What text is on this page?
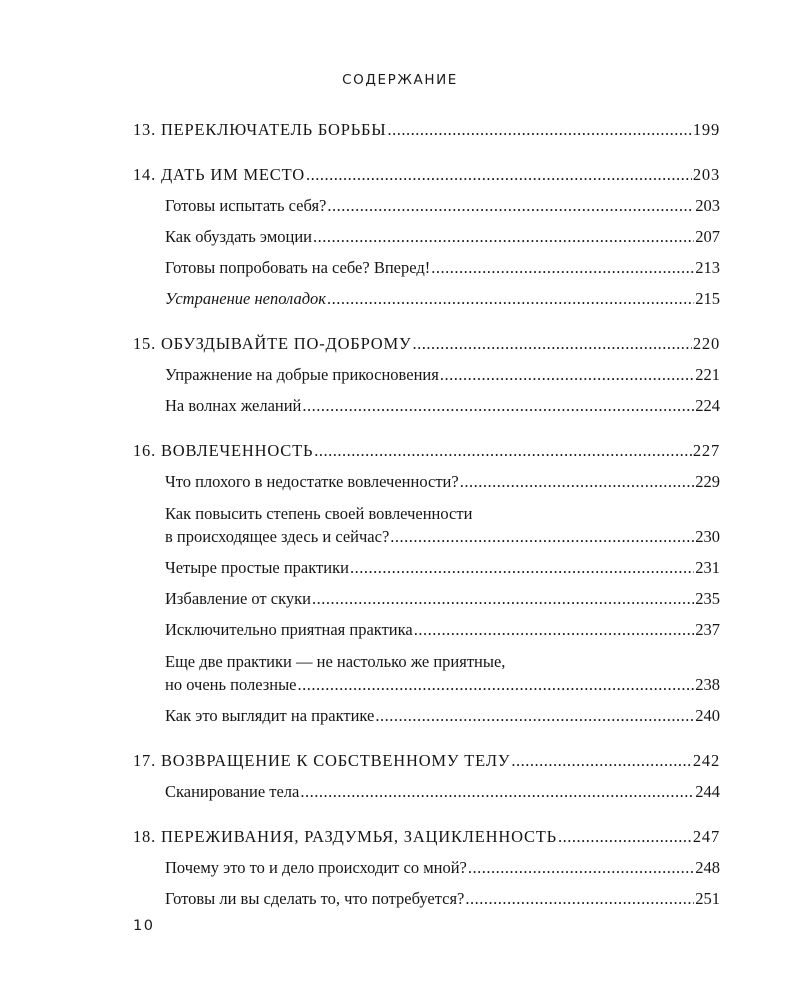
СОДЕРЖАНИЕ
13. ПЕРЕКЛЮЧАТЕЛЬ БОРЬБЫ .....	199
14. ДАТЬ ИМ МЕСТО .....	203
Готовы испытать себя? .....	203
Как обуздать эмоции .....	207
Готовы попробовать на себе? Вперед! .....	213
Устранение неполадок .....	215
15. ОБУЗДЫВАЙТЕ ПО-ДОБРОМУ .....	220
Упражнение на добрые прикосновения .....	221
На волнах желаний .....	224
16. ВОВЛЕЧЕННОСТЬ .....	227
Что плохого в недостатке вовлеченности? .....	229
Как повысить степень своей вовлеченности
в происходящее здесь и сейчас? .....	230
Четыре простые практики .....	231
Избавление от скуки .....	235
Исключительно приятная практика .....	237
Еще две практики — не настолько же приятные,
но очень полезные .....	238
Как это выглядит на практике .....	240
17. ВОЗВРАЩЕНИЕ К СОБСТВЕННОМУ ТЕЛУ .....	242
Сканирование тела .....	244
18. ПЕРЕЖИВАНИЯ, РАЗДУМЬЯ, ЗАЦИКЛЕННОСТЬ .....	247
Почему это то и дело происходит со мной? .....	248
Готовы ли вы сделать то, что потребуется? .....	251
10
